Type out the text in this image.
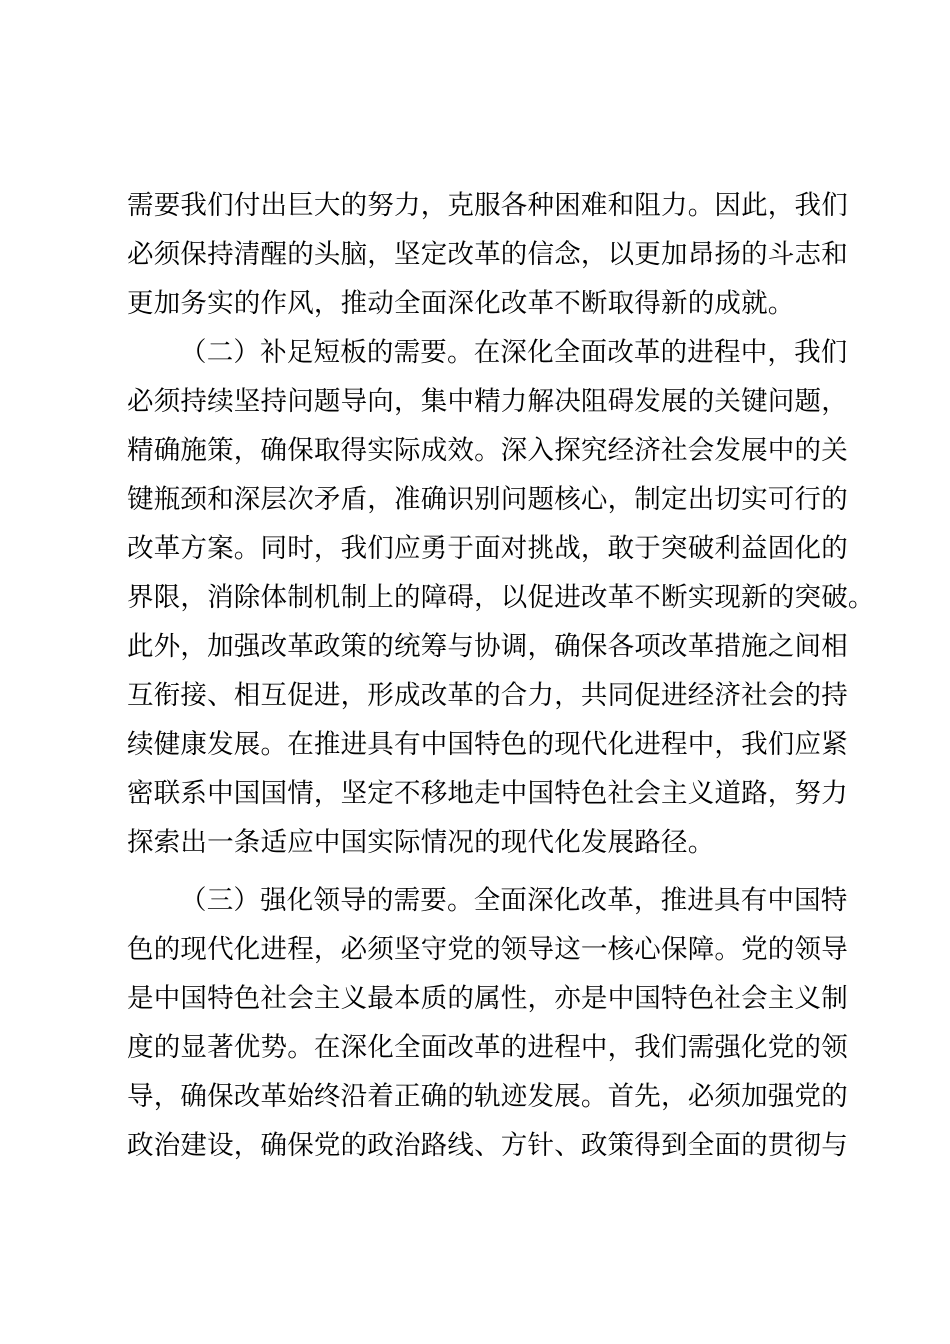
需要我们付出巨大的努力，克服各种困难和阻力。因此，我们
必须保持清醒的头脑，坚定改革的信念，以更加昂扬的斗志和
更加务实的作风，推动全面深化改革不断取得新的成就。
（二）补足短板的需要。在深化全面改革的进程中，我们
必须持续坚持问题导向，集中精力解决阻碍发展的关键问题，
精确施策，确保取得实际成效。深入探究经济社会发展中的关
键瓶颈和深层次矛盾，准确识别问题核心，制定出切实可行的
改革方案。同时，我们应勇于面对挑战，敢于突破利益固化的
界限，消除体制机制上的障碍，以促进改革不断实现新的突破。
此外，加强改革政策的统筹与协调，确保各项改革措施之间相
互衔接、相互促进，形成改革的合力，共同促进经济社会的持
续健康发展。在推进具有中国特色的现代化进程中，我们应紧
密联系中国国情，坚定不移地走中国特色社会主义道路，努力
探索出一条适应中国实际情况的现代化发展路径。
（三）强化领导的需要。全面深化改革，推进具有中国特
色的现代化进程，必须坚守党的领导这一核心保障。党的领导
是中国特色社会主义最本质的属性，亦是中国特色社会主义制
度的显著优势。在深化全面改革的进程中，我们需强化党的领
导，确保改革始终沿着正确的轨迹发展。首先，必须加强党的
政治建设，确保党的政治路线、方针、政策得到全面的贯彻与
